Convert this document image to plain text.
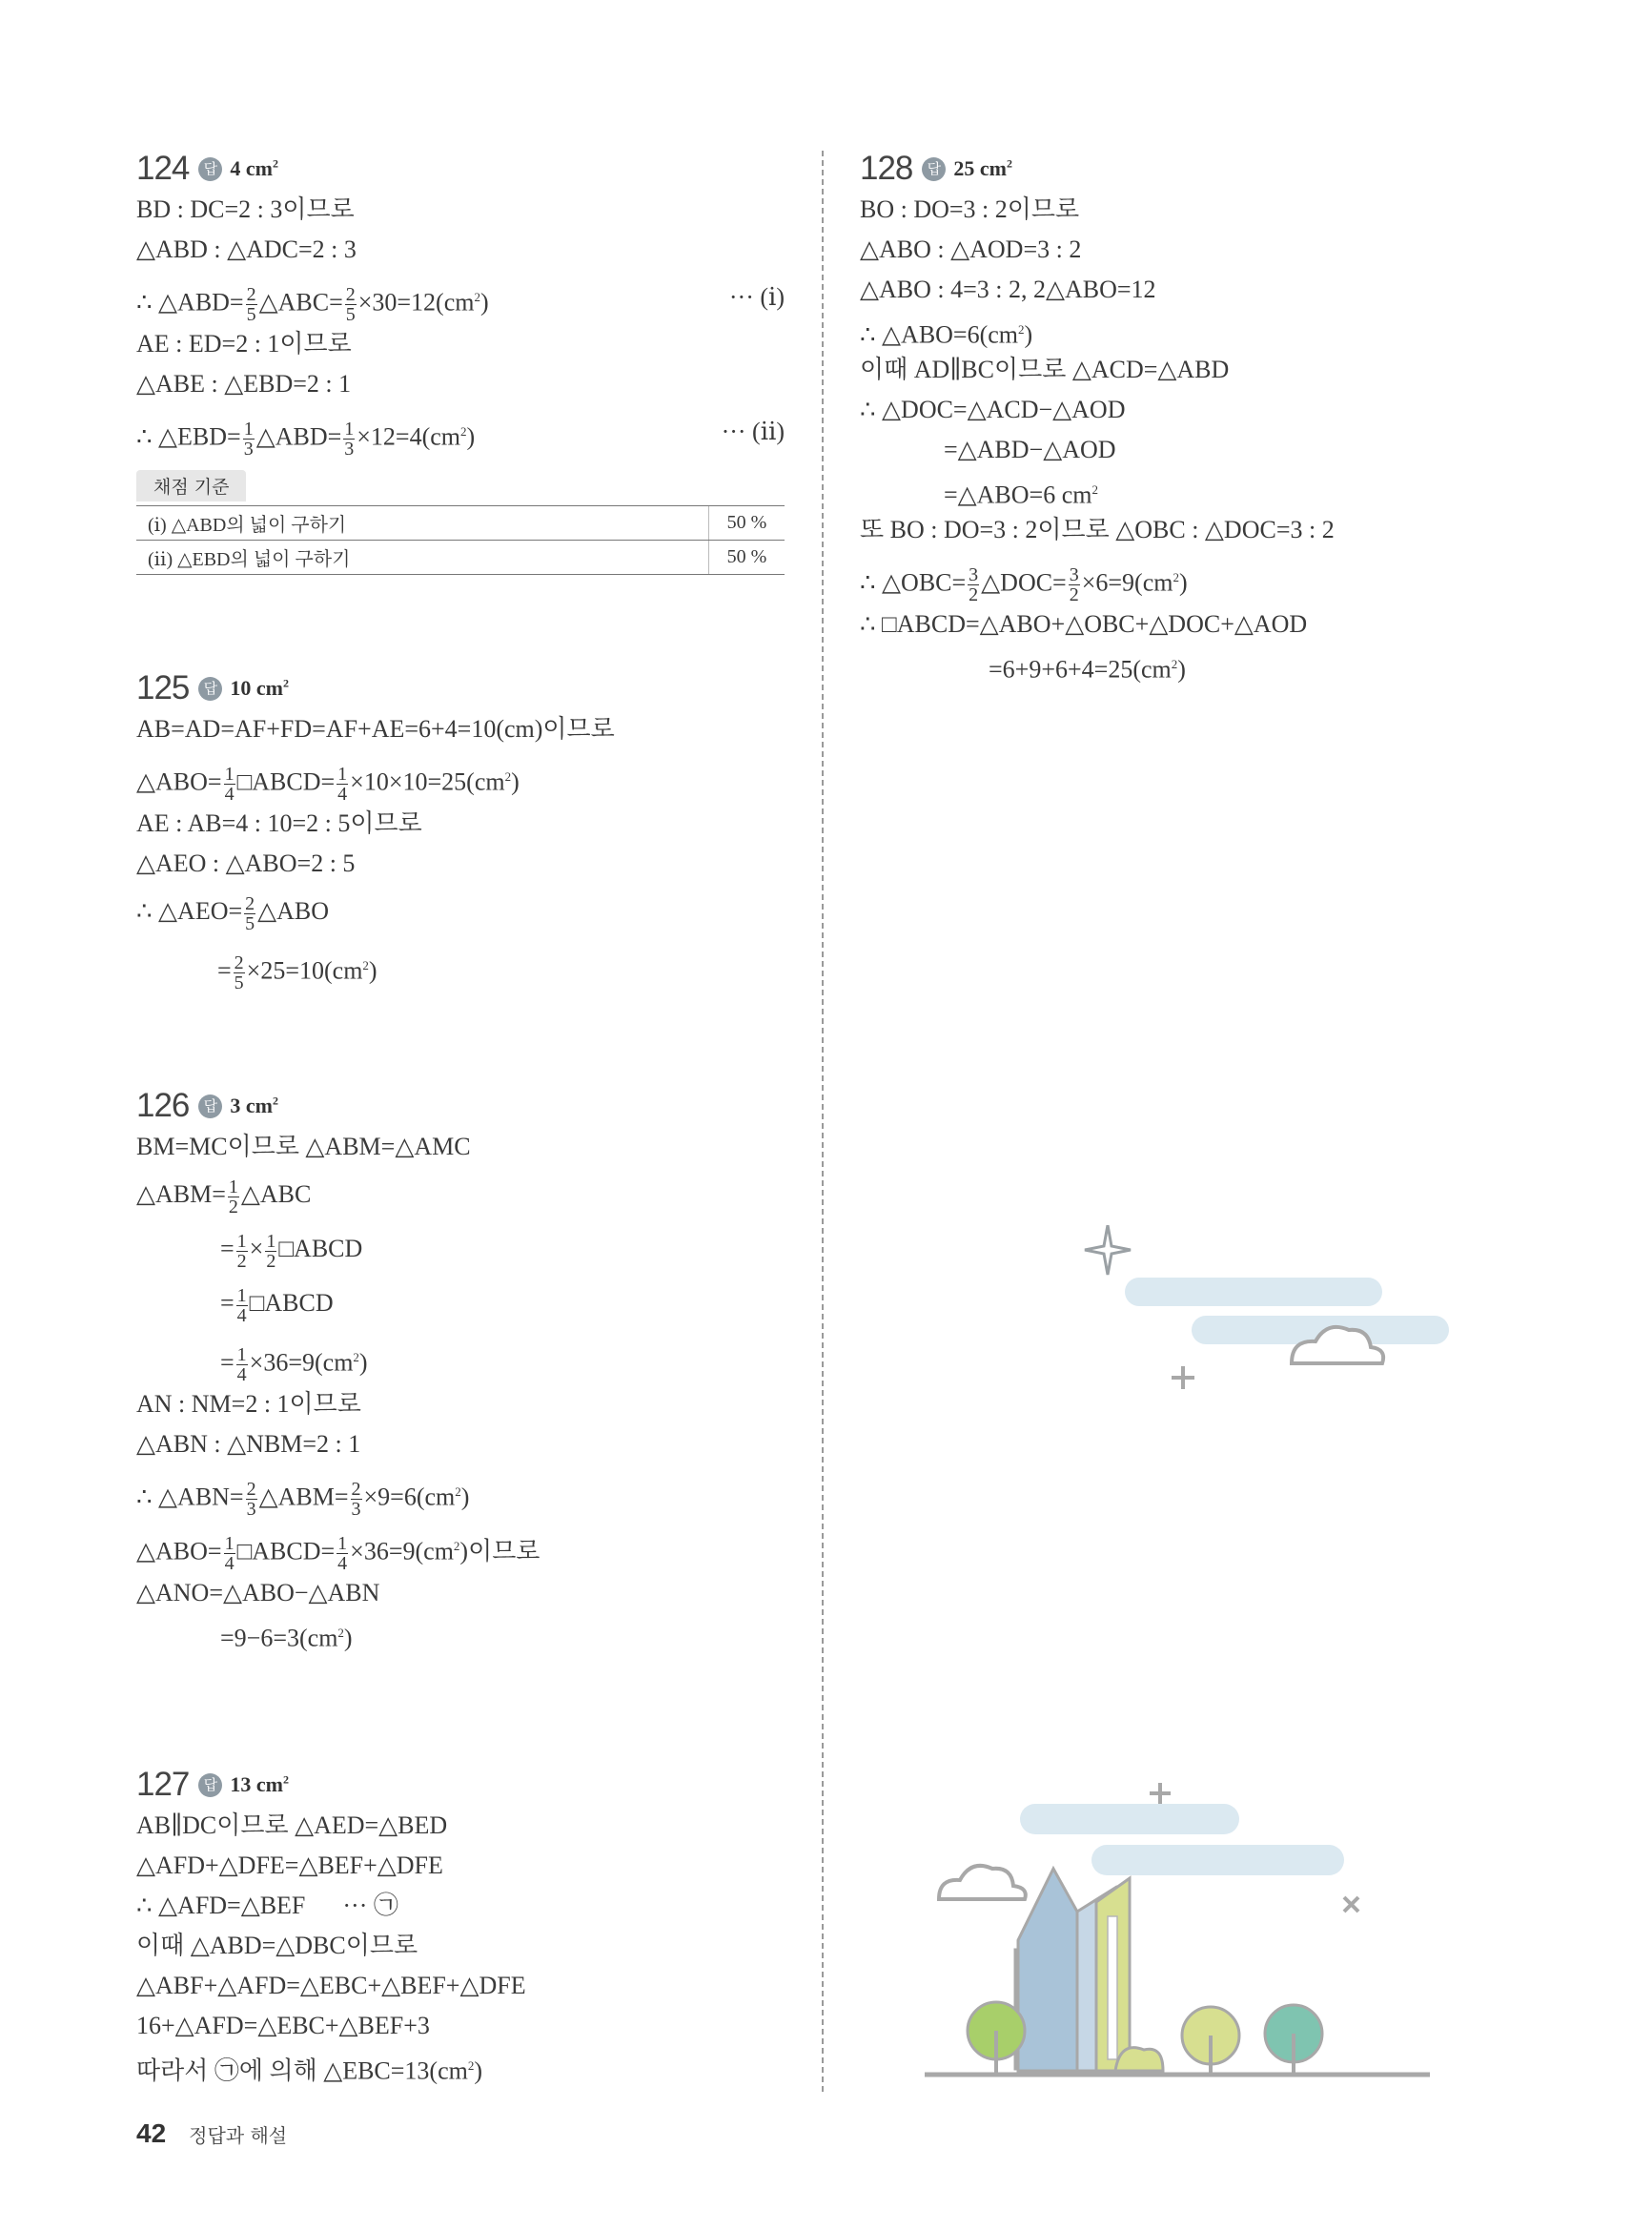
124	답 4 $cm^2$
BD : DC=2 : 3이므로
△ABD : △ADC=2 : 3
∴ △ABD= $\frac{2}{5}$ △ABC= $\frac{2}{5} \times 30=12(cm^2)$	··· (ⅰ)
AE : ED=2 : 1이므로
△ABE : △EBD=2 : 1
∴ △EBD= $\frac{1}{3}$ △ABD= $\frac{1}{3} \times 12=4(cm^2)$	··· (ⅱ)
채점 기준
(ⅰ) △ABD의 넓이 구하기	50 %
(ⅱ) △EBD의 넓이 구하기	50 %
125	답 10 $cm^2$
AB=AD=AF+FD=AF+AE=6+4=10(cm)이므로
△ABO= $\frac{1}{4}$ □ABCD= $\frac{1}{4} \times 10\times 10=25(cm^2)$
AE : AB=4 : 10=2 : 5이므로
△AEO : △ABO=2 : 5
∴ △AEO= $\frac{2}{5}$ △ABO
= $\frac{2}{5} \times 25=10(cm^2)$
126	답 3 $cm^2$
BM=MC이므로 △ABM=△AMC
△ABM= $\frac{1}{2}$ △ABC
= $\frac{1}{2} \times \frac{1}{2}$ □ABCD
= $\frac{1}{4}$ □ABCD
= $\frac{1}{4} \times 36=9(cm^2)$
AN : NM=2 : 1이므로
△ABN : △NBM=2 : 1
∴ △ABN= $\frac{2}{3}$ △ABM= $\frac{2}{3} \times 9=6(cm^2)$
△ABO= $\frac{1}{4}$ □ABCD= $\frac{1}{4} \times 36=9(cm^2)$이므로
△ANO=△ABO−△ABN
$=9-6=3(cm^2)$
127	답 13 $cm^2$
AB∥DC이므로 △AED=△BED
△AFD+△DFE=△BEF+△DFE
∴ △AFD=△BEF      ··· ㉠
이때 △ABD=△DBC이므로
△ABF+△AFD=△EBC+△BEF+△DFE
16+△AFD=△EBC+△BEF+3
따라서 ㉠에 의해 $\triangle EBC=13(cm^2)$
128	답 25 $cm^2$
BO : DO=3 : 2이므로
△ABO : △AOD=3 : 2
△ABO : 4=3 : 2, 2△ABO=12
∴ $\triangle ABO=6(cm^2)$
이때 AD∥BC이므로 △ACD=△ABD
∴ △DOC=△ACD−△AOD
=△ABD−△AOD
=△ABO=6 $cm^2$
또 BO : DO=3 : 2이므로 △OBC : △DOC=3 : 2
∴ △OBC= $\frac{3}{2}$ △DOC= $\frac{3}{2} \times 6=9(cm^2)$
∴ □ABCD=△ABO+△OBC+△DOC+△AOD
$=6+9+6+4=25(cm^2)$
42 정답과 해설
